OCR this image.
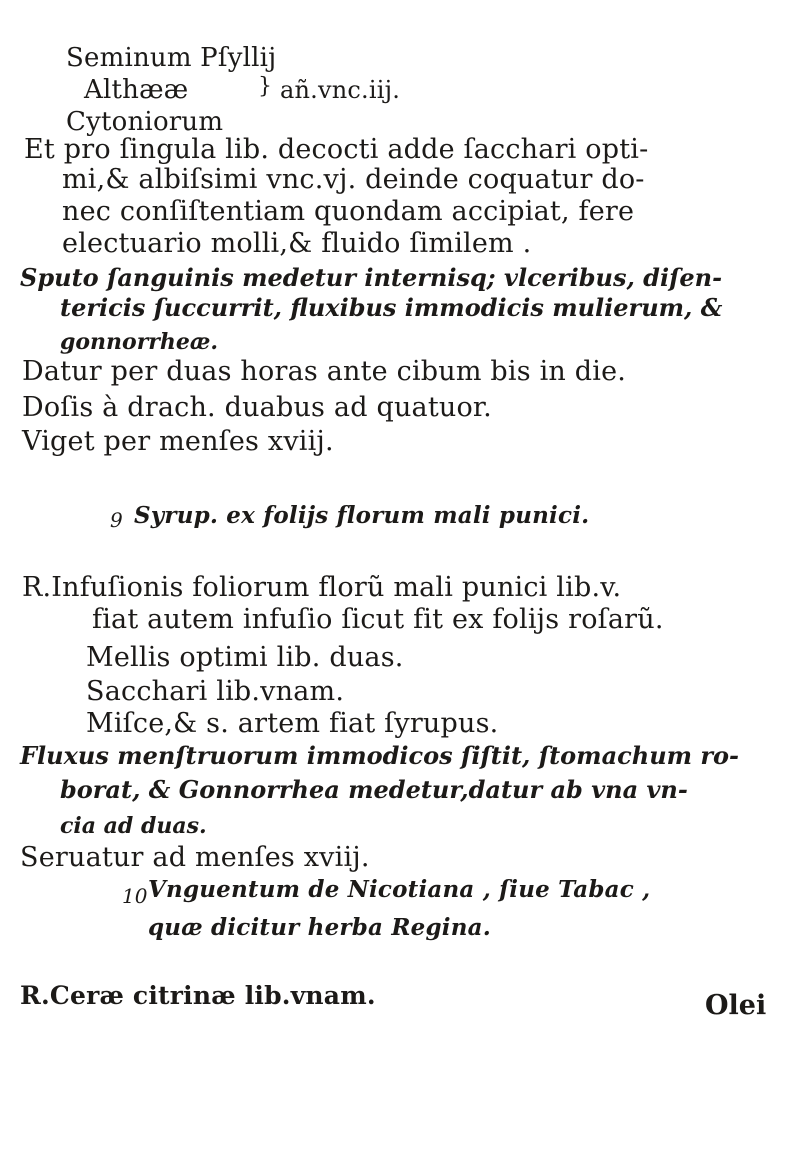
Seminum Pſyllij
Althææ
Cytoniorum
} añ.vnc.iij.
Et pro ſingula lib. decocti adde ſacchari opti-
mi,& albiſsimi vnc.vj. deinde coquatur do-
nec conſiſtentiam quondam accipiat, fere
electuario molli,& fluido ſimilem .
Sputo ſanguinis medetur internisq; vlceribus, diſen-
tericis ſuccurrit, fluxibus immodicis mulierum, &
gonnorrheæ.
Datur per duas horas ante cibum bis in die.
Doſis à drach. duabus ad quatuor.
Viget per menſes xviij.
9 Syrup. ex folijs florum mali punici.
R.Infuſionis foliorum florũ mali punici lib.v.
fiat autem infuſio ſicut fit ex folijs roſarũ.
Mellis optimi lib. duas.
Sacchari lib.vnam.
Miſce,& s. artem fiat ſyrupus.
Fluxus menſtruorum immodicos ſiſtit, ſtomachum ro-
borat, & Gonnorrhea medetur,datur ab vna vn-
cia ad duas.
Seruatur ad menſes xviij.
10 Vnguentum de Nicotiana , ſiue Tabac ,
quæ dicitur herba Regina.
R.Ceræ citrinæ lib.vnam.	Olei
